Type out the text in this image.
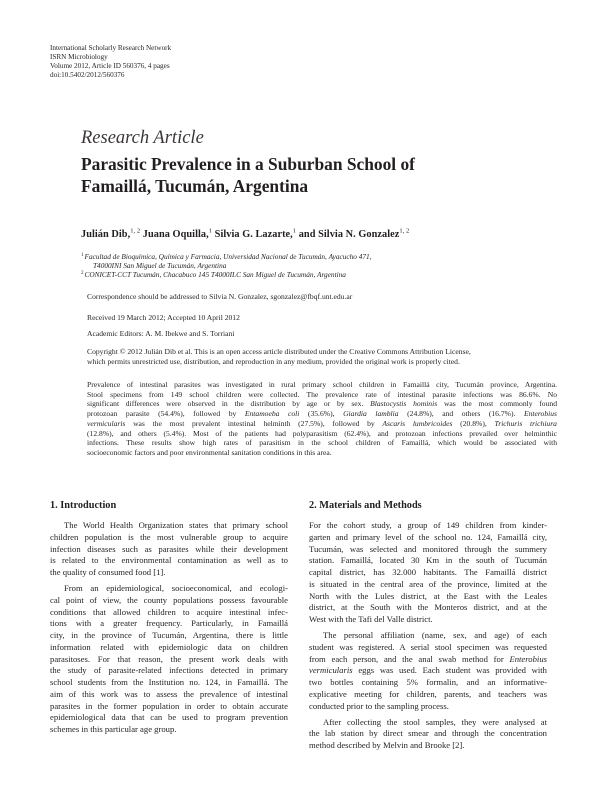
International Scholarly Research Network
ISRN Microbiology
Volume 2012, Article ID 560376, 4 pages
doi:10.5402/2012/560376
Research Article
Parasitic Prevalence in a Suburban School of
Famaillá, Tucumán, Argentina
Julián Dib,$^{1, 2}$ Juana Oquilla,$^1$ Silvia G. Lazarte,$^1$ and Silvia N. Gonzalez$^{1, 2}$
$^1$Facultad de Bioquímica, Química y Farmacia, Universidad Nacional de Tucumán, Ayacucho 471,
T4000INI San Miguel de Tucumán, Argentina
$^2$CONICET-CCT Tucumán, Chacabuco 145 T4000ILC San Miguel de Tucumán, Argentina
Correspondence should be addressed to Silvia N. Gonzalez, sgonzalez@fbqf.unt.edu.ar
Received 19 March 2012; Accepted 10 April 2012
Academic Editors: A. M. Ibekwe and S. Torriani
Copyright © 2012 Julián Dib et al. This is an open access article distributed under the Creative Commons Attribution License,
which permits unrestricted use, distribution, and reproduction in any medium, provided the original work is properly cited.
Prevalence of intestinal parasites was investigated in rural primary school children in Famaillá city, Tucumán province, Argentina.
Stool specimens from 149 school children were collected. The prevalence rate of intestinal parasite infections was 86.6%. No
significant differences were observed in the distribution by age or by sex. Blastocystis hominis was the most commonly found
protozoan parasite (54.4%), followed by Entamoeba coli (35.6%), Giardia lamblia (24.8%), and others (16.7%). Enterobius
vermicularis was the most prevalent intestinal helminth (27.5%), followed by Ascaris lumbricoides (20.8%), Trichuris trichiura
(12.8%), and others (5.4%). Most of the patients had polyparasitism (62.4%), and protozoan infections prevailed over helminthic
infections. These results show high rates of parasitism in the school children of Famaillá, which would be associated with
socioeconomic factors and poor environmental sanitation conditions in this area.
1. Introduction	2. Materials and Methods
The World Health Organization states that primary school
children population is the most vulnerable group to acquire
infection diseases such as parasites while their development
is related to the environmental contamination as well as to
the quality of consumed food [1].
From an epidemiological, socioeconomical, and ecologi-
cal point of view, the county populations possess favourable
conditions that allowed children to acquire intestinal infec-
tions with a greater frequency. Particularly, in Famaillá
city, in the province of Tucumán, Argentina, there is little
information related with epidemiologic data on children
parasitoses. For that reason, the present work deals with
the study of parasite-related infections detected in primary
school students from the Institution no. 124, in Famaillá. The
aim of this work was to assess the prevalence of intestinal
parasites in the former population in order to obtain accurate
epidemiological data that can be used to program prevention
schemes in this particular age group.
For the cohort study, a group of 149 children from kinder-
garten and primary level of the school no. 124, Famaillá city,
Tucumán, was selected and monitored through the summery
station. Famaillá, located 30 Km in the south of Tucumán
capital district, has 32.000 habitants. The Famaillá district
is situated in the central area of the province, limited at the
North with the Lules district, at the East with the Leales
district, at the South with the Monteros district, and at the
West with the Tafi del Valle district.
The personal affiliation (name, sex, and age) of each
student was registered. A serial stool specimen was requested
from each person, and the anal swab method for Enterobius
vermicularis eggs was used. Each student was provided with
two bottles containing 5% formalin, and an informative-
explicative meeting for children, parents, and teachers was
conducted prior to the sampling process.
After collecting the stool samples, they were analysed at
the lab station by direct smear and through the concentration
method described by Melvin and Brooke [2].
